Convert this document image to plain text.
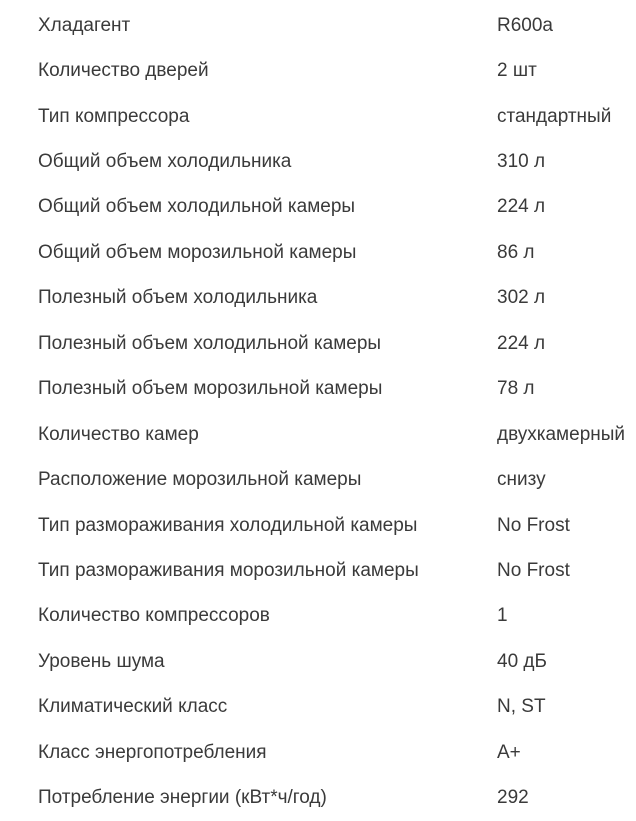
Хладагент	R600a
Количество дверей	2 шт
Тип компрессора	стандартный
Общий объем холодильника	310 л
Общий объем холодильной камеры	224 л
Общий объем морозильной камеры	86 л
Полезный объем холодильника	302 л
Полезный объем холодильной камеры	224 л
Полезный объем морозильной камеры	78 л
Количество камер	двухкамерный
Расположение морозильной камеры	снизу
Тип размораживания холодильной камеры	No Frost
Тип размораживания морозильной камеры	No Frost
Количество компрессоров	1
Уровень шума	40 дБ
Климатический класс	N, ST
Класс энергопотребления	A+
Потребление энергии (кВт*ч/год)	292
